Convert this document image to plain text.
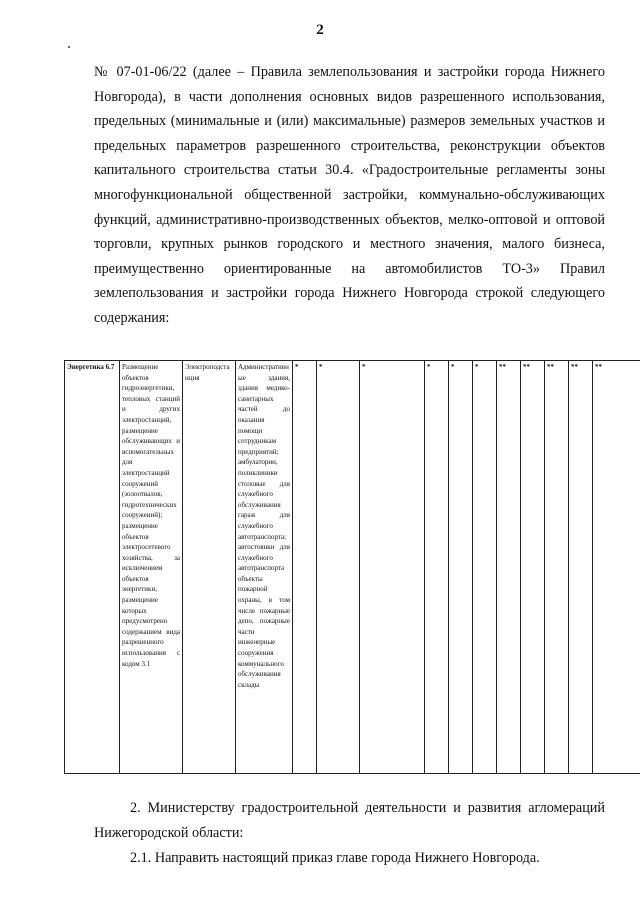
2

№ 07-01-06/22 (далее – Правила землепользования и застройки города Нижнего Новгорода), в части дополнения основных видов разрешенного использования, предельных (минимальные и (или) максимальные) размеров земельных участков и предельных параметров разрешенного строительства, реконструкции объектов капитального строительства статьи 30.4. «Градостроительные регламенты зоны многофункциональной общественной застройки, коммунально-обслуживающих функций, административно-производственных объектов, мелко-оптовой и оптовой торговли, крупных рынков городского и местного значения, малого бизнеса, преимущественно ориентированные на автомобилистов ТО-3» Правил землепользования и застройки города Нижнего Новгорода строкой следующего содержания:

Энергетика 6.7	Размещение объектов гидроэнергетики, тепловых станций и других электростанций, размещение обслуживающих и вспомогательных для электростанций сооружений (золоотвалов, гидротехнических сооружений); размещение объектов электросетевого хозяйства, за исключением объектов энергетики, размещение которых предусмотрено содержанием вида разрешенного использования с кодом 3.1	Электроподстанция	Административные здания, здания медико-санитарных частей до оказания помощи сотрудникам предприятий; амбулатории, поликлиники столовые для служебного обслуживания гараж для служебного автотранспорта; автостоянки для служебного автотранспорта объекты пожарной охраны, в том числе пожарные депо, пожарные части инженерные сооружения коммунального обслуживания склады	*	*	*	*	*	*	**	**	**	**	**

2. Министерству градостроительной деятельности и развития агломераций Нижегородской области:

2.1. Направить настоящий приказ главе города Нижнего Новгорода.
